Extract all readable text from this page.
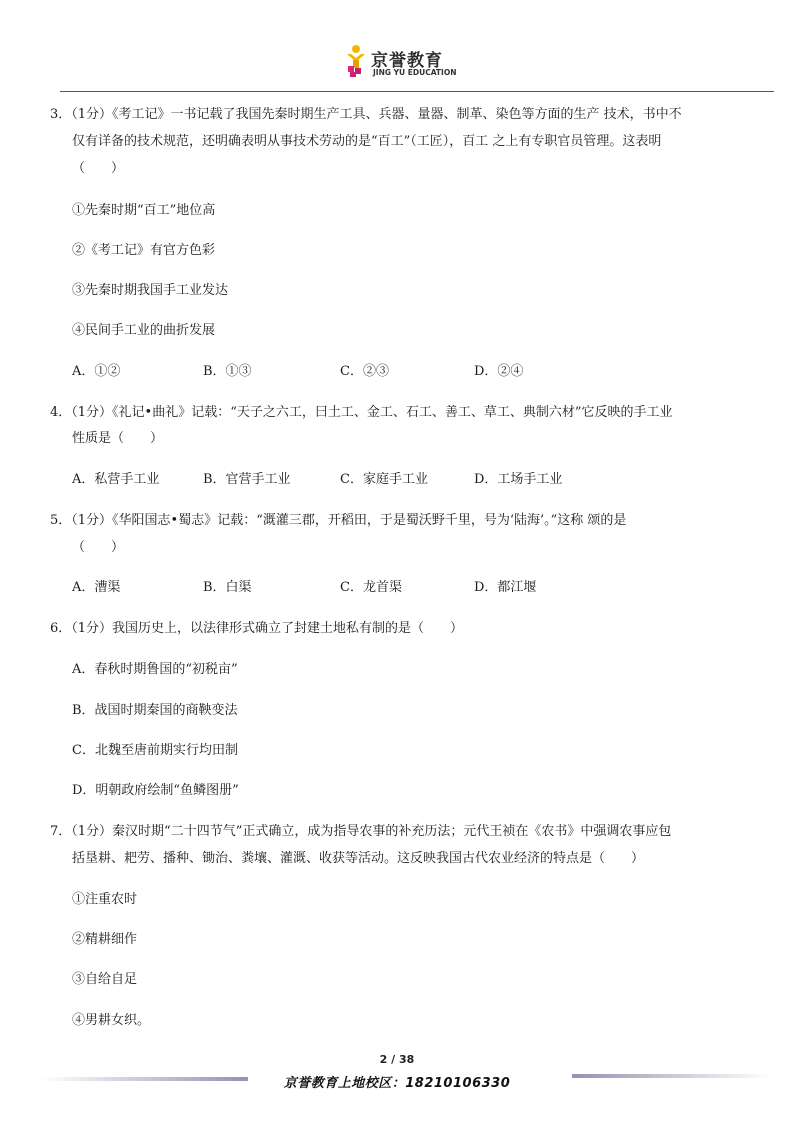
京誉教育
JING YU EDUCATION
3．（1分）《考工记》一书记载了我国先秦时期生产工具、兵器、量器、制革、染色等方面的生产 技术，书中不
仅有详备的技术规范，还明确表明从事技术劳动的是“百工”（工匠），百工 之上有专职官员管理。这表明
（　　）
①先秦时期“百工”地位高
②《考工记》有官方色彩
③先秦时期我国手工业发达
④民间手工业的曲折发展
A．①②	B．①③	C．②③	D．②④
4．（1分）《礼记•曲礼》记载：“天子之六工，曰土工、金工、石工、善工、草工、典制六材”它反映的手工业
性质是（　　）
A．私营手工业	B．官营手工业	C．家庭手工业	D．工场手工业
5．（1分）《华阳国志•蜀志》记载：“溉灌三郡，开稻田，于是蜀沃野千里，号为‘陆海’。”这称 颂的是
（　　）
A．漕渠	B．白渠	C．龙首渠	D．都江堰
6．（1分）我国历史上，以法律形式确立了封建土地私有制的是（　　）
A．春秋时期鲁国的“初税亩”
B．战国时期秦国的商鞅变法
C．北魏至唐前期实行均田制
D．明朝政府绘制“鱼鳞图册”
7．（1分）秦汉时期“二十四节气”正式确立，成为指导农事的补充历法；元代王祯在《农书》中强调农事应包
括垦耕、耙劳、播种、锄治、粪壤、灌溉、收获等活动。这反映我国古代农业经济的特点是（　　）
①注重农时
②精耕细作
③自给自足
④男耕女织。
2 / 38
京誉教育上地校区：18210106330
